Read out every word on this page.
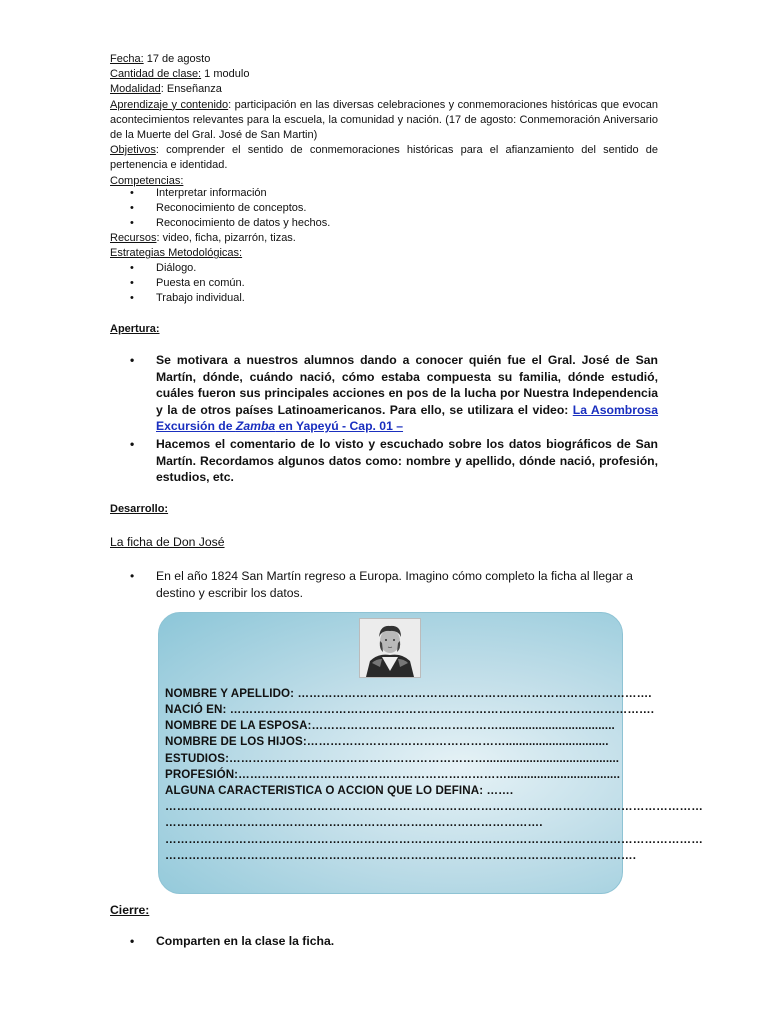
Fecha: 17 de agosto
Cantidad de clase: 1 modulo
Modalidad: Enseñanza
Aprendizaje y contenido: participación en las diversas celebraciones y conmemoraciones históricas que evocan acontecimientos relevantes para la escuela, la comunidad y nación. (17 de agosto: Conmemoración Aniversario de la Muerte del Gral. José de San Martin)
Objetivos: comprender el sentido de conmemoraciones históricas para el afianzamiento del sentido de pertenencia e identidad.
Competencias:
• Interpretar información
• Reconocimiento de conceptos.
• Reconocimiento de datos y hechos.
Recursos: video, ficha, pizarrón, tizas.
Estrategias Metodológicas:
• Diálogo.
• Puesta en común.
• Trabajo individual.
Apertura:
• Se motivara a nuestros alumnos dando a conocer quién fue el Gral. José de San Martín, dónde, cuándo nació, cómo estaba compuesta su familia, dónde estudió, cuáles fueron sus principales acciones en pos de la lucha por Nuestra Independencia y la de otros países Latinoamericanos. Para ello, se utilizara el video: La Asombrosa Excursión de Zamba en Yapeyú - Cap. 01 –
• Hacemos el comentario de lo visto y escuchado sobre los datos biográficos de San Martín. Recordamos algunos datos como: nombre y apellido, dónde nació, profesión, estudios, etc.
Desarrollo:
La ficha de Don José
• En el año 1824 San Martín regreso a Europa. Imagino cómo completo la ficha al llegar a destino y escribir los datos.
NOMBRE Y APELLIDO: ……………………………………………………………………………….
NACIÓ EN: ……………………………………………………………………………………………….
NOMBRE DE LA ESPOSA:…………………………………………...................................
NOMBRE DE LOS HIJOS:……………………………………………...............................
ESTUDIOS:…………………………………………………………........................................
PROFESIÓN:……………………………………………………………..................................
ALGUNA CARACTERISTICA O ACCION QUE LO DEFINA: …….
…………………………………………………………………………………………………………………………
…………………………………………………………………………………….
…………………………………………………………………………………………………………………………
………………………………………………………………………………………………………….
Cierre:
• Comparten en la clase la ficha.
